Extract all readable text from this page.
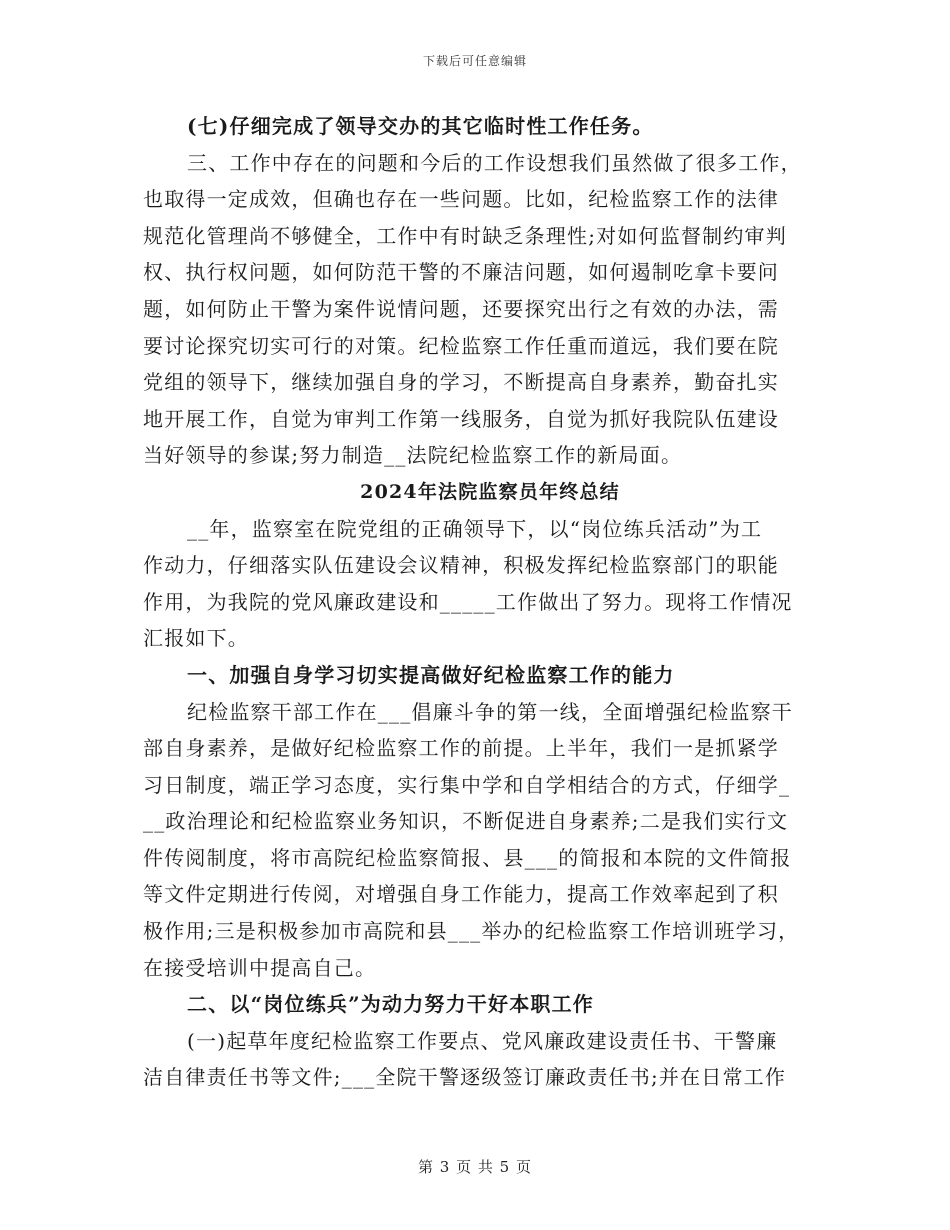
下载后可任意编辑
(七)仔细完成了领导交办的其它临时性工作任务。
三、工作中存在的问题和今后的工作设想我们虽然做了很多工作，
也取得一定成效，但确也存在一些问题。比如，纪检监察工作的法律
规范化管理尚不够健全，工作中有时缺乏条理性;对如何监督制约审判
权、执行权问题，如何防范干警的不廉洁问题，如何遏制吃拿卡要问
题，如何防止干警为案件说情问题，还要探究出行之有效的办法，需
要讨论探究切实可行的对策。纪检监察工作任重而道远，我们要在院
党组的领导下，继续加强自身的学习，不断提高自身素养，勤奋扎实
地开展工作，自觉为审判工作第一线服务，自觉为抓好我院队伍建设
当好领导的参谋;努力制造__法院纪检监察工作的新局面。
2024年法院监察员年终总结
__年，监察室在院党组的正确领导下，以“岗位练兵活动”为工
作动力，仔细落实队伍建设会议精神，积极发挥纪检监察部门的职能
作用，为我院的党风廉政建设和_____工作做出了努力。现将工作情况
汇报如下。
一、加强自身学习切实提高做好纪检监察工作的能力
纪检监察干部工作在___倡廉斗争的第一线，全面增强纪检监察干
部自身素养，是做好纪检监察工作的前提。上半年，我们一是抓紧学
习日制度，端正学习态度，实行集中学和自学相结合的方式，仔细学_
__政治理论和纪检监察业务知识，不断促进自身素养;二是我们实行文
件传阅制度，将市高院纪检监察简报、县___的简报和本院的文件简报
等文件定期进行传阅，对增强自身工作能力，提高工作效率起到了积
极作用;三是积极参加市高院和县___举办的纪检监察工作培训班学习，
在接受培训中提高自己。
二、以“岗位练兵”为动力努力干好本职工作
(一)起草年度纪检监察工作要点、党风廉政建设责任书、干警廉
洁自律责任书等文件;___全院干警逐级签订廉政责任书;并在日常工作
第 3 页 共 5 页
